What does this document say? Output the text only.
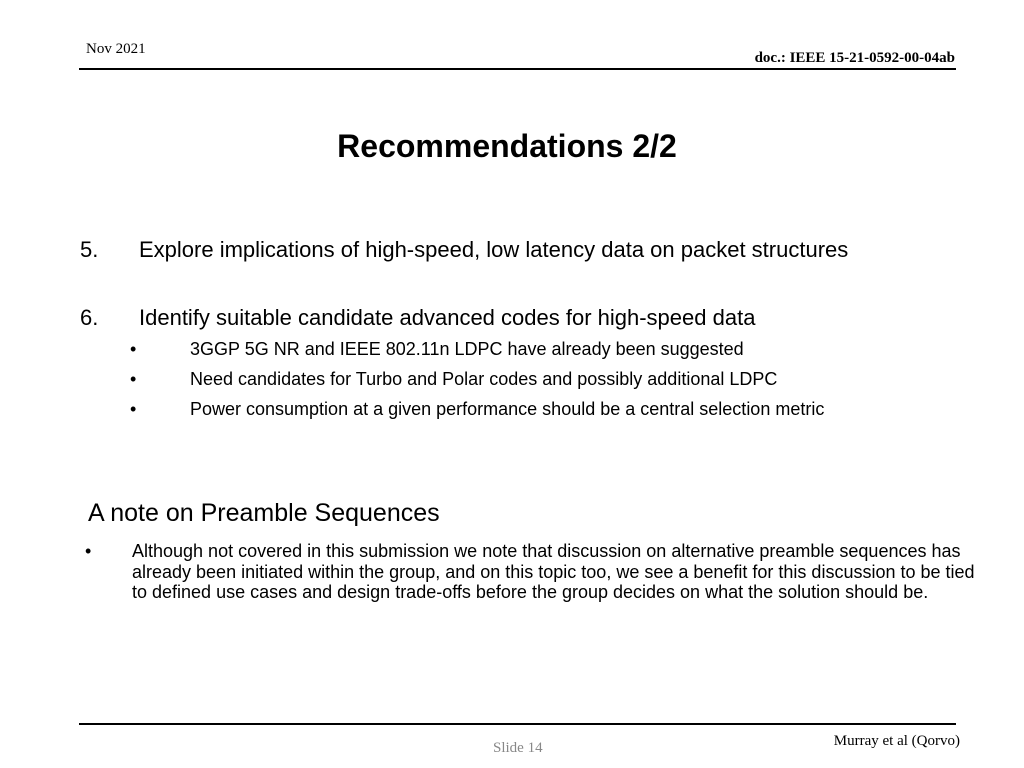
Nov 2021
doc.: IEEE 15-21-0592-00-04ab
Recommendations 2/2
5. Explore implications of high-speed, low latency data on packet structures
6. Identify suitable candidate advanced codes for high-speed data
•	3GGP 5G NR and IEEE 802.11n LDPC have already been suggested
•	Need candidates for Turbo and Polar codes and possibly additional LDPC
•	Power consumption at a given performance should be a central selection metric
A note on Preamble Sequences
• Although not covered in this submission we note that discussion on alternative preamble sequences has already been initiated within the group, and on this topic too, we see a benefit for this discussion to be tied to defined use cases and design trade-offs before the group decides on what the solution should be.
Slide 14	Murray et al (Qorvo)
